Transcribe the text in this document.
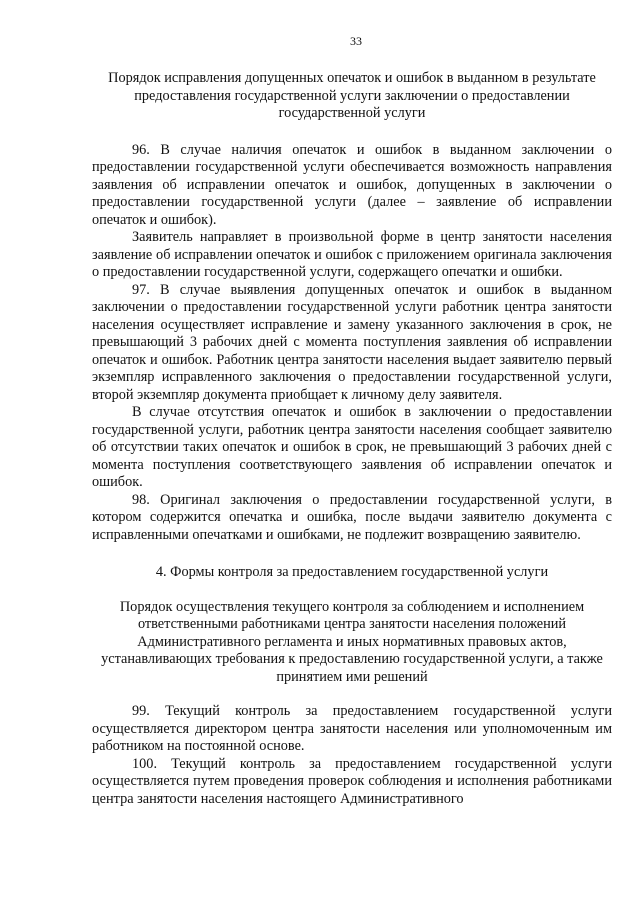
33
Порядок исправления допущенных опечаток и ошибок в выданном в результате предоставления государственной услуги заключении о предоставлении государственной услуги

96. В случае наличия опечаток и ошибок в выданном заключении о предоставлении государственной услуги обеспечивается возможность направления заявления об исправлении опечаток и ошибок, допущенных в заключении о предоставлении государственной услуги (далее – заявление об исправлении опечаток и ошибок).

Заявитель направляет в произвольной форме в центр занятости населения заявление об исправлении опечаток и ошибок с приложением оригинала заключения о предоставлении государственной услуги, содержащего опечатки и ошибки.

97. В случае выявления допущенных опечаток и ошибок в выданном заключении о предоставлении государственной услуги работник центра занятости населения осуществляет исправление и замену указанного заключения в срок, не превышающий 3 рабочих дней с момента поступления заявления об исправлении опечаток и ошибок. Работник центра занятости населения выдает заявителю первый экземпляр исправленного заключения о предоставлении государственной услуги, второй экземпляр документа приобщает к личному делу заявителя.

В случае отсутствия опечаток и ошибок в заключении о предоставлении государственной услуги, работник центра занятости населения сообщает заявителю об отсутствии таких опечаток и ошибок в срок, не превышающий 3 рабочих дней с момента поступления соответствующего заявления об исправлении опечаток и ошибок.

98. Оригинал заключения о предоставлении государственной услуги, в котором содержится опечатка и ошибка, после выдачи заявителю документа с исправленными опечатками и ошибками, не подлежит возвращению заявителю.

4. Формы контроля за предоставлением государственной услуги
Порядок осуществления текущего контроля за соблюдением и исполнением ответственными работниками центра занятости населения положений Административного регламента и иных нормативных правовых актов, устанавливающих требования к предоставлению государственной услуги, а также принятием ими решений

99. Текущий контроль за предоставлением государственной услуги осуществляется директором центра занятости населения или уполномоченным им работником на постоянной основе.

100. Текущий контроль за предоставлением государственной услуги осуществляется путем проведения проверок соблюдения и исполнения работниками центра занятости населения настоящего Административного
